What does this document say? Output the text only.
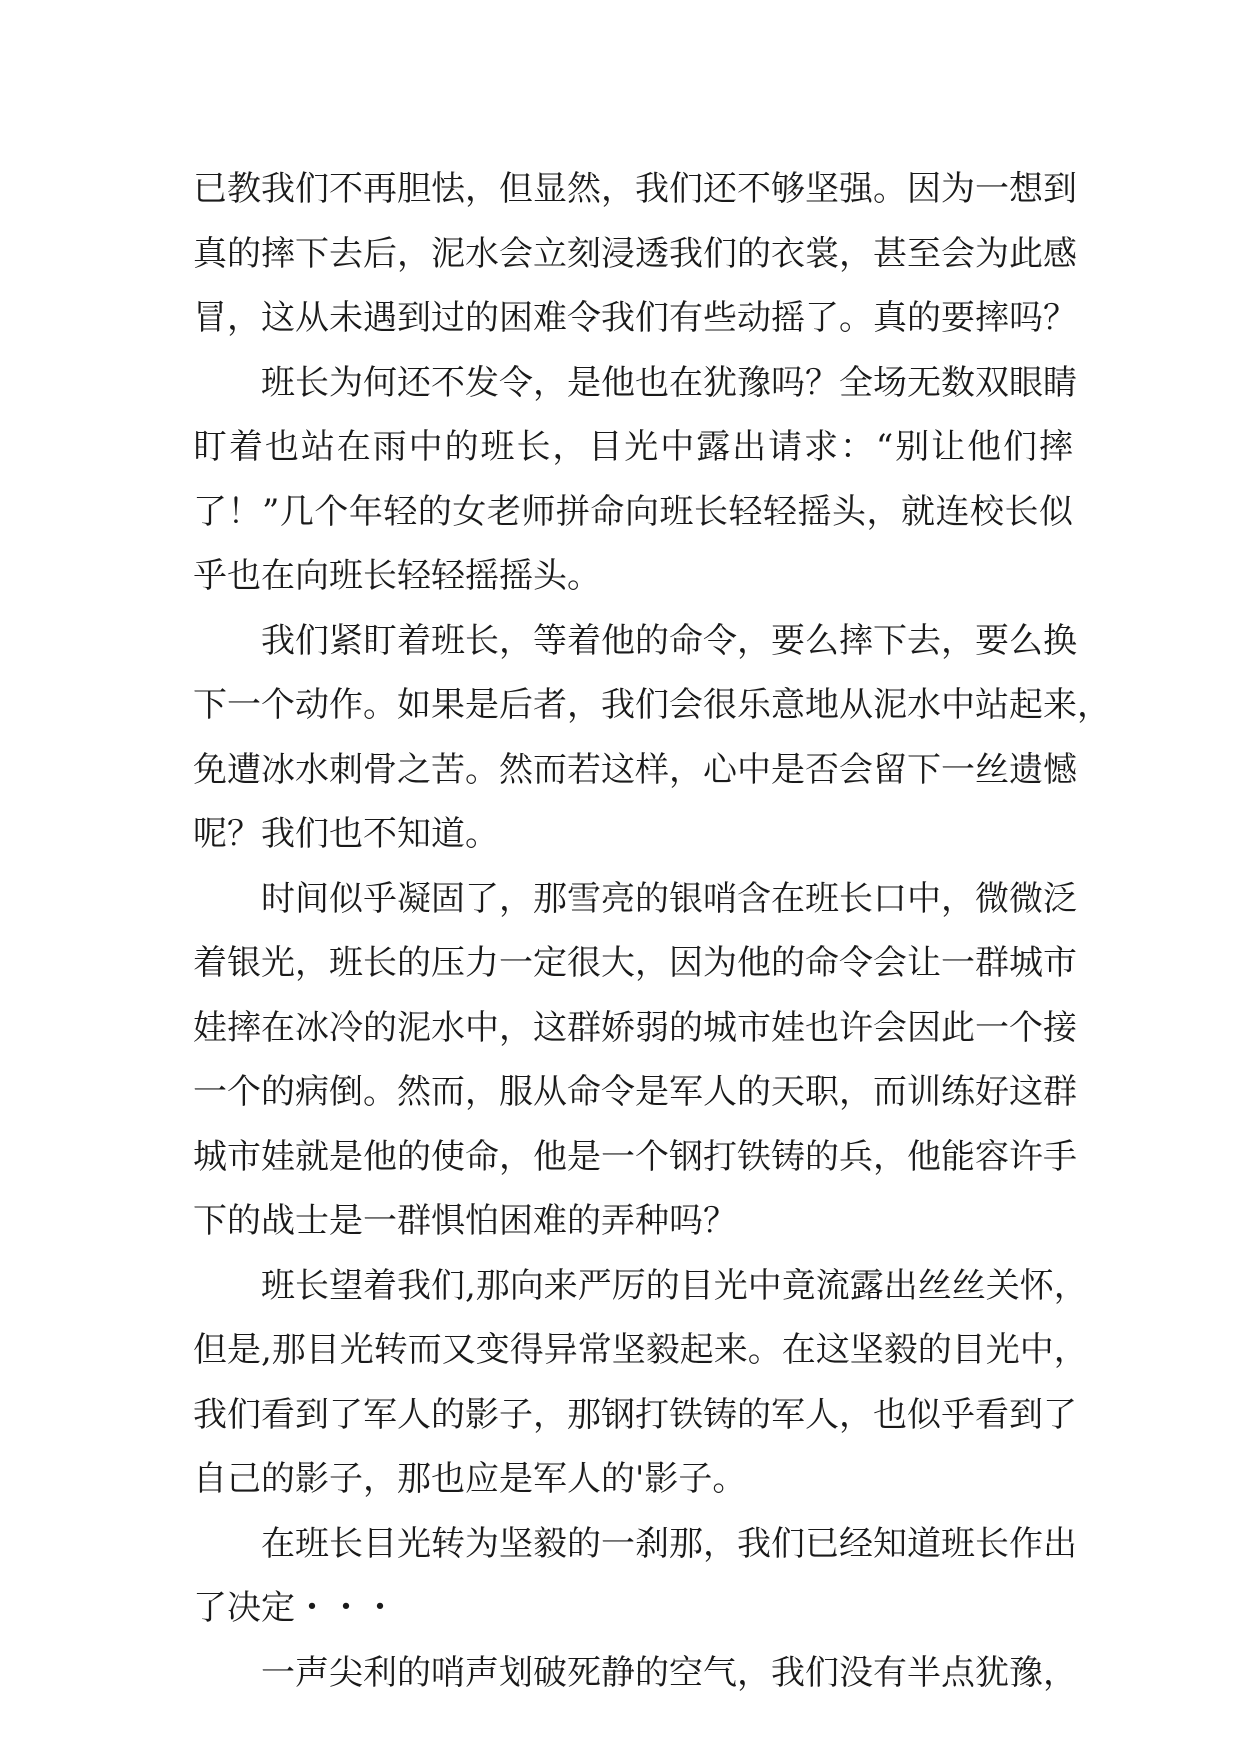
已教我们不再胆怯，但显然，我们还不够坚强。因为一想到
真的摔下去后，泥水会立刻浸透我们的衣裳，甚至会为此感
冒，这从未遇到过的困难令我们有些动摇了。真的要摔吗？
班长为何还不发令，是他也在犹豫吗？全场无数双眼睛
盯着也站在雨中的班长，目光中露出请求：“别让他们摔
了！”几个年轻的女老师拼命向班长轻轻摇头，就连校长似
乎也在向班长轻轻摇摇头。
我们紧盯着班长，等着他的命令，要么摔下去，要么换
下一个动作。如果是后者，我们会很乐意地从泥水中站起来，
免遭冰水刺骨之苦。然而若这样，心中是否会留下一丝遗憾
呢？我们也不知道。
时间似乎凝固了，那雪亮的银哨含在班长口中，微微泛
着银光，班长的压力一定很大，因为他的命令会让一群城市
娃摔在冰冷的泥水中，这群娇弱的城市娃也许会因此一个接
一个的病倒。然而，服从命令是军人的天职，而训练好这群
城市娃就是他的使命，他是一个钢打铁铸的兵，他能容许手
下的战士是一群惧怕困难的弄种吗？
班长望着我们,那向来严厉的目光中竟流露出丝丝关怀，
但是,那目光转而又变得异常坚毅起来。在这坚毅的目光中，
我们看到了军人的影子，那钢打铁铸的军人，也似乎看到了
自己的影子，那也应是军人的'影子。
在班长目光转为坚毅的一刹那，我们已经知道班长作出
了决定・・・
一声尖利的哨声划破死静的空气，我们没有半点犹豫，
